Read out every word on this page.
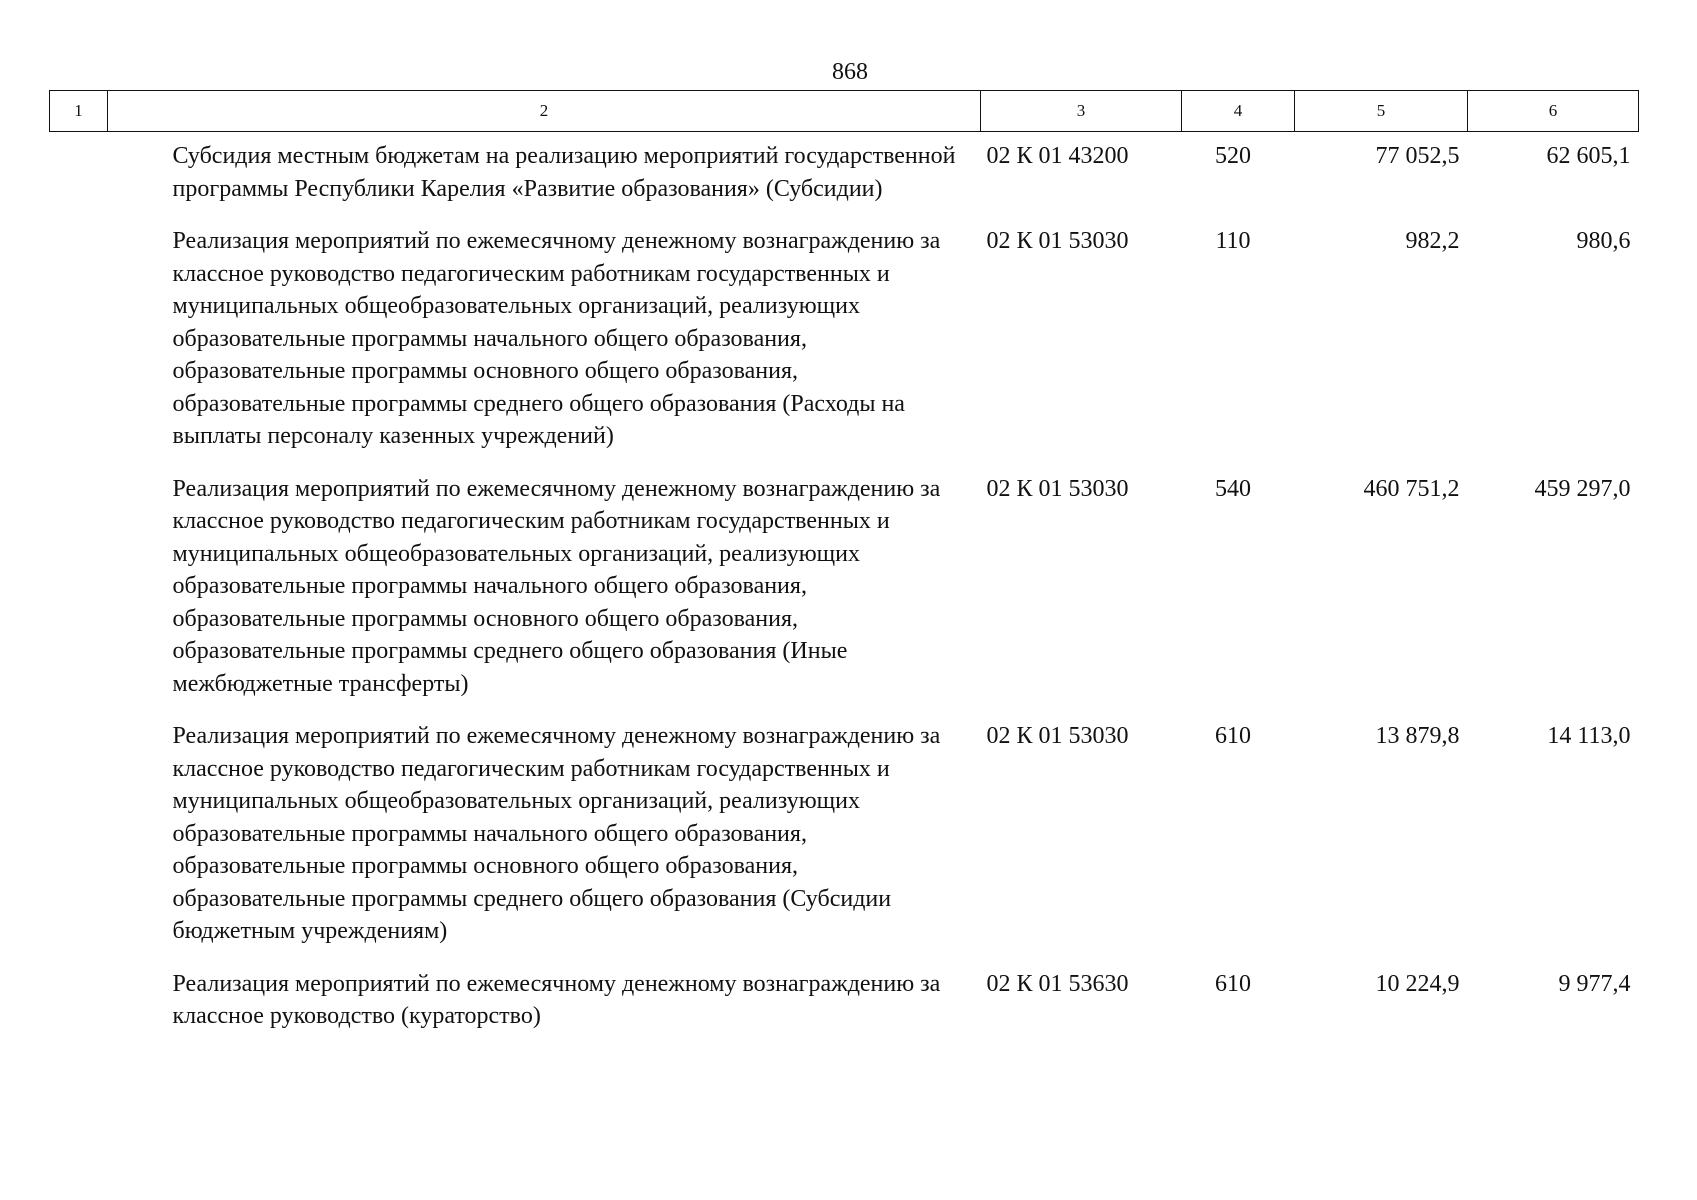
868
1	2	3	4	5	6
	Субсидия местным бюджетам на реализацию мероприятий государственной программы Республики Карелия «Развитие образования» (Субсидии)	02 К 01 43200	520	77 052,5	62 605,1
	Реализация мероприятий по ежемесячному денежному вознаграждению за классное руководство педагогическим работникам государственных и муниципальных общеобразовательных организаций, реализующих образовательные программы начального общего образования, образовательные программы основного общего образования, образовательные программы среднего общего образования (Расходы на выплаты персоналу казенных учреждений)	02 К 01 53030	110	982,2	980,6
	Реализация мероприятий по ежемесячному денежному вознаграждению за классное руководство педагогическим работникам государственных и муниципальных общеобразовательных организаций, реализующих образовательные программы начального общего образования, образовательные программы основного общего образования, образовательные программы среднего общего образования (Иные межбюджетные трансферты)	02 К 01 53030	540	460 751,2	459 297,0
	Реализация мероприятий по ежемесячному денежному вознаграждению за классное руководство педагогическим работникам государственных и муниципальных общеобразовательных организаций, реализующих образовательные программы начального общего образования, образовательные программы основного общего образования, образовательные программы среднего общего образования (Субсидии бюджетным учреждениям)	02 К 01 53030	610	13 879,8	14 113,0
	Реализация мероприятий по ежемесячному денежному вознаграждению за классное руководство (кураторство)	02 К 01 53630	610	10 224,9	9 977,4
